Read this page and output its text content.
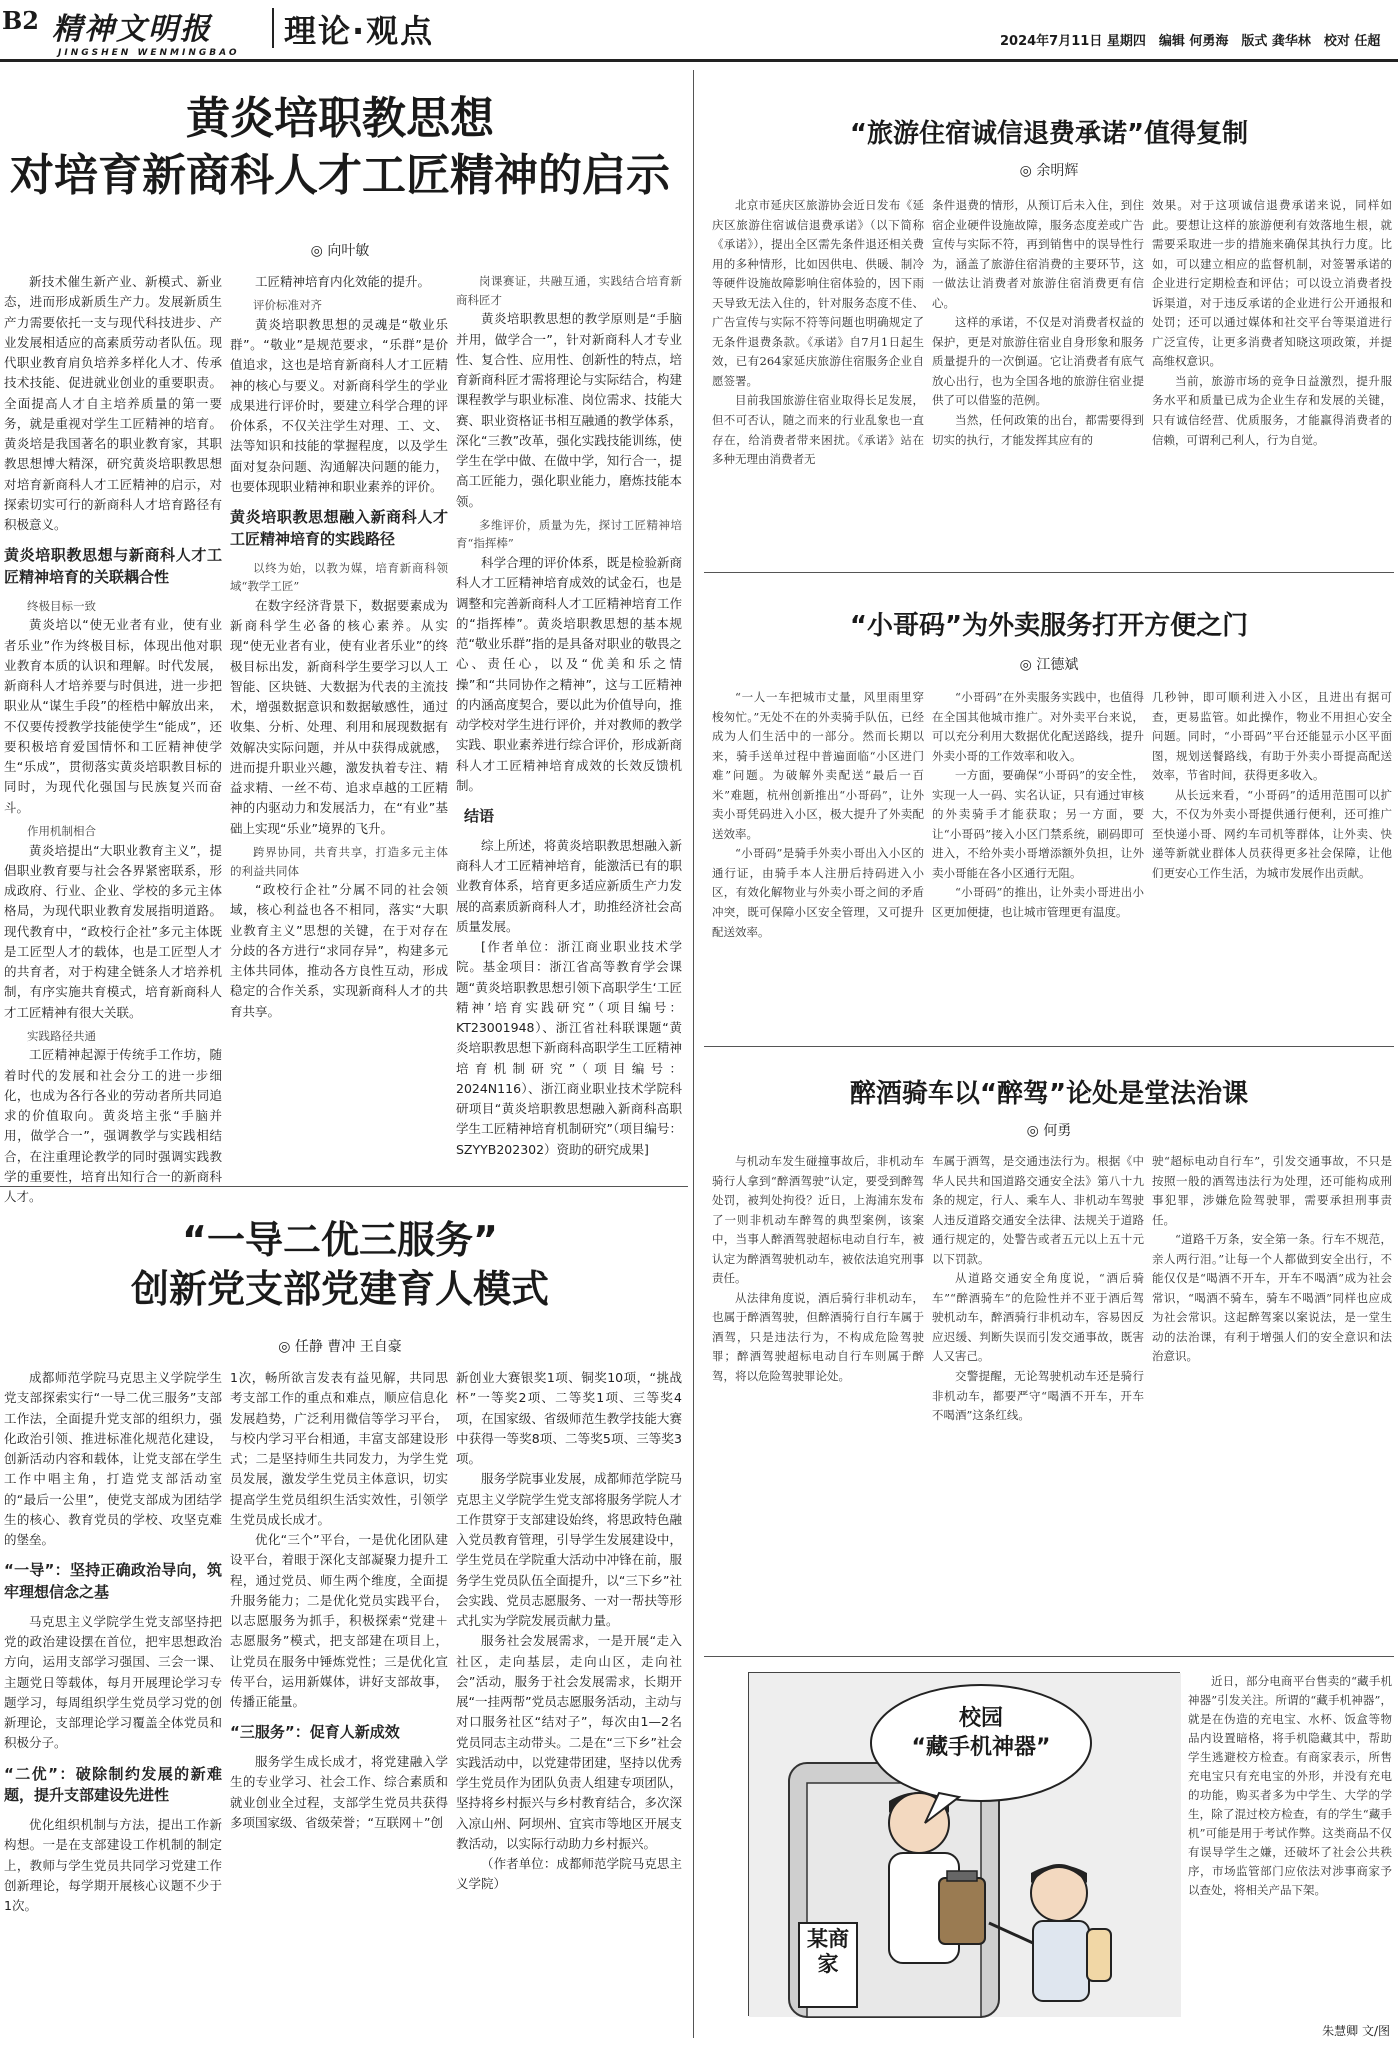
B2 精神文明报
JINGSHEN WENMINGBAO
理论·观点	2024年7月11日 星期四　编辑 何勇海　版式 龚华林　校对 任超
黄炎培职教思想
对培育新商科人才工匠精神的启示
◎ 向叶敏

新技术催生新产业、新模式、新业态，进而形成新质生产力。发展新质生产力需要依托一支与现代科技进步、产业发展相适应的高素质劳动者队伍。现代职业教育肩负培养多样化人才、传承技术技能、促进就业创业的重要职责。全面提高人才自主培养质量的第一要务，就是重视对学生工匠精神的培育。黄炎培是我国著名的职业教育家，其职教思想博大精深，研究黄炎培职教思想对培育新商科人才工匠精神的启示，对探索切实可行的新商科人才培育路径有积极意义。

黄炎培职教思想与新商科人才工匠精神培育的关联耦合性
终极目标一致

黄炎培以“使无业者有业，使有业者乐业”作为终极目标，体现出他对职业教育本质的认识和理解。时代发展，新商科人才培养要与时俱进，进一步把职业从“谋生手段”的桎梏中解放出来，不仅要传授教学技能使学生“能成”，还要积极培育爱国情怀和工匠精神使学生“乐成”，贯彻落实黄炎培职教目标的同时，为现代化强国与民族复兴而奋斗。

作用机制相合

黄炎培提出“大职业教育主义”，提倡职业教育要与社会各界紧密联系，形成政府、行业、企业、学校的多元主体格局，为现代职业教育发展指明道路。现代教育中，“政校行企社”多元主体既是工匠型人才的载体，也是工匠型人才的共育者，对于构建全链条人才培养机制，有序实施共育模式，培育新商科人才工匠精神有很大关联。

实践路径共通

工匠精神起源于传统手工作坊，随着时代的发展和社会分工的进一步细化，也成为各行各业的劳动者所共同追求的价值取向。黄炎培主张“手脑并用，做学合一”，强调教学与实践相结合，在注重理论教学的同时强调实践教学的重要性，培育出知行合一的新商科人才。

工匠精神培育内化效能的提升。

评价标准对齐

黄炎培职教思想的灵魂是“敬业乐群”。“敬业”是规范要求，“乐群”是价值追求，这也是培育新商科人才工匠精神的核心与要义。对新商科学生的学业成果进行评价时，要建立科学合理的评价体系，不仅关注学生对理、工、文、法等知识和技能的掌握程度，以及学生面对复杂问题、沟通解决问题的能力，也要体现职业精神和职业素养的评价。

黄炎培职教思想融入新商科人才工匠精神培育的实践路径
以终为始，以教为媒，培育新商科领域“教学工匠”

在数字经济背景下，数据要素成为新商科学生必备的核心素养。从实现“使无业者有业，使有业者乐业”的终极目标出发，新商科学生要学习以人工智能、区块链、大数据为代表的主流技术，增强数据意识和数据敏感性，通过收集、分析、处理、利用和展现数据有效解决实际问题，并从中获得成就感，进而提升职业兴趣，激发执着专注、精益求精、一丝不苟、追求卓越的工匠精神的内驱动力和发展活力，在“有业”基础上实现“乐业”境界的飞升。

跨界协同，共育共享，打造多元主体的利益共同体

“政校行企社”分属不同的社会领域，核心利益也各不相同，落实“大职业教育主义”思想的关键，在于对存在分歧的各方进行“求同存异”，构建多元主体共同体，推动各方良性互动，形成稳定的合作关系，实现新商科人才的共育共享。

岗课赛证，共融互通，实践结合培育新商科匠才

黄炎培职教思想的教学原则是“手脑并用，做学合一”，针对新商科人才专业性、复合性、应用性、创新性的特点，培育新商科匠才需将理论与实际结合，构建课程教学与职业标准、岗位需求、技能大赛、职业资格证书相互融通的教学体系，深化“三教”改革，强化实践技能训练，使学生在学中做、在做中学，知行合一，提高工匠能力，强化职业能力，磨炼技能本领。

多维评价，质量为先，探讨工匠精神培育“指挥棒”

科学合理的评价体系，既是检验新商科人才工匠精神培育成效的试金石，也是调整和完善新商科人才工匠精神培育工作的“指挥棒”。黄炎培职教思想的基本规范“敬业乐群”指的是具备对职业的敬畏之心、责任心，以及“优美和乐之情操”和“共同协作之精神”，这与工匠精神的内涵高度契合，要以此为价值导向，推动学校对学生进行评价，并对教师的教学实践、职业素养进行综合评价，形成新商科人才工匠精神培育成效的长效反馈机制。

结语

综上所述，将黄炎培职教思想融入新商科人才工匠精神培育，能激活已有的职业教育体系，培育更多适应新质生产力发展的高素质新商科人才，助推经济社会高质量发展。

[作者单位：浙江商业职业技术学院。基金项目：浙江省高等教育学会课题“黄炎培职教思想引领下高职学生‘工匠精神’培育实践研究”（项目编号：KT23001948）、浙江省社科联课题“黄炎培职教思想下新商科高职学生工匠精神培育机制研究”（项目编号：2024N116）、浙江商业职业技术学院科研项目“黄炎培职教思想融入新商科高职学生工匠精神培育机制研究”（项目编号：SZYYB202302）资助的研究成果]

“一导二优三服务”
创新党支部党建育人模式
◎ 任静 曹冲 王自豪

成都师范学院马克思主义学院学生党支部探索实行“一导二优三服务”支部工作法，全面提升党支部的组织力，强化政治引领、推进标准化规范化建设，创新活动内容和载体，让党支部在学生工作中唱主角，打造党支部活动室的“最后一公里”，使党支部成为团结学生的核心、教育党员的学校、攻坚克难的堡垒。

“一导”：坚持正确政治导向，筑牢理想信念之基

马克思主义学院学生党支部坚持把党的政治建设摆在首位，把牢思想政治方向，运用支部学习强国、三会一课、主题党日等载体，每月开展理论学习专题学习，每周组织学生党员学习党的创新理论，支部理论学习覆盖全体党员和积极分子。

“二优”：破除制约发展的新难题，提升支部建设先进性

优化组织机制与方法，提出工作新构想。一是在支部建设工作机制的制定上，教师与学生党员共同学习党建工作创新理论，每学期开展核心议题不少于1次。

1次，畅所欲言发表有益见解，共同思考支部工作的重点和难点，顺应信息化发展趋势，广泛利用微信等学习平台，与校内学习平台相通，丰富支部建设形式；二是坚持师生共同发力，为学生党员发展，激发学生党员主体意识，切实提高学生党员组织生活实效性，引领学生党员成长成才。

优化“三个”平台，一是优化团队建设平台，着眼于深化支部凝聚力提升工程，通过党员、师生两个维度，全面提升服务能力；二是优化党员实践平台，以志愿服务为抓手，积极探索“党建＋志愿服务”模式，把支部建在项目上，让党员在服务中锤炼党性；三是优化宣传平台，运用新媒体，讲好支部故事，传播正能量。

“三服务”：促育人新成效

服务学生成长成才，将党建融入学生的专业学习、社会工作、综合素质和就业创业全过程，支部学生党员共获得多项国家级、省级荣誉；“互联网＋”创

新创业大赛银奖1项、铜奖10项，“挑战杯”一等奖2项、二等奖1项、三等奖4项，在国家级、省级师范生教学技能大赛中获得一等奖8项、二等奖5项、三等奖3项。

服务学院事业发展，成都师范学院马克思主义学院学生党支部将服务学院人才工作贯穿于支部建设始终，将思政特色融入党员教育管理，引导学生发展建设中，学生党员在学院重大活动中冲锋在前，服务学生党员队伍全面提升，以“三下乡”社会实践、党员志愿服务、一对一帮扶等形式扎实为学院发展贡献力量。

服务社会发展需求，一是开展“走入社区，走向基层，走向山区，走向社会”活动，服务于社会发展需求，长期开展“一挂两帮”党员志愿服务活动，主动与对口服务社区“结对子”，每次由1—2名党员同志主动带头。二是在“三下乡”社会实践活动中，以党建带团建，坚持以优秀学生党员作为团队负责人组建专项团队，坚持将乡村振兴与乡村教育结合，多次深入凉山州、阿坝州、宜宾市等地区开展支教活动，以实际行动助力乡村振兴。

（作者单位：成都师范学院马克思主义学院）

“旅游住宿诚信退费承诺”值得复制
◎ 余明辉

北京市延庆区旅游协会近日发布《延庆区旅游住宿诚信退费承诺》（以下简称《承诺》），提出全区需先条件退还相关费用的多种情形，比如因供电、供暖、制冷等硬件设施故障影响住宿体验的，因下雨天导致无法入住的，针对服务态度不佳、广告宣传与实际不符等问题也明确规定了无条件退费条款。《承诺》自7月1日起生效，已有264家延庆旅游住宿服务企业自愿签署。

目前我国旅游住宿业取得长足发展，但不可否认，随之而来的行业乱象也一直存在，给消费者带来困扰。《承诺》站在多种无理由消费者无

条件退费的情形，从预订后未入住，到住宿企业硬件设施故障，服务态度差或广告宣传与实际不符，再到销售中的误导性行为，涵盖了旅游住宿消费的主要环节，这一做法让消费者对旅游住宿消费更有信心。

这样的承诺，不仅是对消费者权益的保护，更是对旅游住宿业自身形象和服务质量提升的一次倒逼。它让消费者有底气放心出行，也为全国各地的旅游住宿业提供了可以借鉴的范例。

当然，任何政策的出台，都需要得到切实的执行，才能发挥其应有的

效果。对于这项诚信退费承诺来说，同样如此。要想让这样的旅游便利有效落地生根，就需要采取进一步的措施来确保其执行力度。比如，可以建立相应的监督机制，对签署承诺的企业进行定期检查和评估；可以设立消费者投诉渠道，对于违反承诺的企业进行公开通报和处罚；还可以通过媒体和社交平台等渠道进行广泛宣传，让更多消费者知晓这项政策，并提高维权意识。

当前，旅游市场的竞争日益激烈，提升服务水平和质量已成为企业生存和发展的关键，只有诚信经营、优质服务，才能赢得消费者的信赖，可谓利己利人，行为自觉。

“小哥码”为外卖服务打开方便之门
◎ 江德斌

“一人一车把城市丈量，风里雨里穿梭匆忙。”无处不在的外卖骑手队伍，已经成为人们生活中的一部分。然而长期以来，骑手送单过程中普遍面临“小区进门难”问题。为破解外卖配送“最后一百米”难题，杭州创新推出“小哥码”，让外卖小哥凭码进入小区，极大提升了外卖配送效率。

“小哥码”是骑手外卖小哥出入小区的通行证，由骑手本人注册后持码进入小区，有效化解物业与外卖小哥之间的矛盾冲突，既可保障小区安全管理，又可提升配送效率。

“小哥码”在外卖服务实践中，也值得在全国其他城市推广。对外卖平台来说，可以充分利用大数据优化配送路线，提升外卖小哥的工作效率和收入。

一方面，要确保“小哥码”的安全性，实现一人一码、实名认证，只有通过审核的外卖骑手才能获取；另一方面，要让“小哥码”接入小区门禁系统，刷码即可进入，不给外卖小哥增添额外负担，让外卖小哥能在各小区通行无阻。

“小哥码”的推出，让外卖小哥进出小区更加便捷，也让城市管理更有温度。

几秒钟，即可顺利进入小区，且进出有据可查，更易监管。如此操作，物业不用担心安全问题。同时，“小哥码”平台还能显示小区平面图，规划送餐路线，有助于外卖小哥提高配送效率，节省时间，获得更多收入。

从长远来看，“小哥码”的适用范围可以扩大，不仅为外卖小哥提供通行便利，还可推广至快递小哥、网约车司机等群体，让外卖、快递等新就业群体人员获得更多社会保障，让他们更安心工作生活，为城市发展作出贡献。

醉酒骑车以“醉驾”论处是堂法治课
◎ 何勇

与机动车发生碰撞事故后，非机动车骑行人拿到“醉酒驾驶”认定，要受到醉驾处罚，被判处拘役？近日，上海浦东发布了一则非机动车醉驾的典型案例，该案中，当事人醉酒驾驶超标电动自行车，被认定为醉酒驾驶机动车，被依法追究刑事责任。

从法律角度说，酒后骑行非机动车，也属于醉酒驾驶，但醉酒骑行自行车属于酒驾，只是违法行为，不构成危险驾驶罪；醉酒驾驶超标电动自行车则属于醉驾，将以危险驾驶罪论处。

车属于酒驾，是交通违法行为。根据《中华人民共和国道路交通安全法》第八十九条的规定，行人、乘车人、非机动车驾驶人违反道路交通安全法律、法规关于道路通行规定的，处警告或者五元以上五十元以下罚款。

从道路交通安全角度说，“酒后骑车”“醉酒骑车”的危险性并不亚于酒后驾驶机动车，醉酒骑行非机动车，容易因反应迟缓、判断失误而引发交通事故，既害人又害己。

交警提醒，无论驾驶机动车还是骑行非机动车，都要严守“喝酒不开车，开车不喝酒”这条红线。

驶“超标电动自行车”，引发交通事故，不只是按照一般的酒驾违法行为处理，还可能构成刑事犯罪，涉嫌危险驾驶罪，需要承担刑事责任。

“道路千万条，安全第一条。行车不规范，亲人两行泪。”让每一个人都做到安全出行，不能仅仅是“喝酒不开车，开车不喝酒”成为社会常识，“喝酒不骑车，骑车不喝酒”同样也应成为社会常识。这起醉驾案以案说法，是一堂生动的法治课，有利于增强人们的安全意识和法治意识。

校园
“藏手机神器”
某商家
近日，部分电商平台售卖的“藏手机神器”引发关注。所谓的“藏手机神器”，就是在伪造的充电宝、水杯、饭盒等物品内设置暗格，将手机隐藏其中，帮助学生逃避校方检查。有商家表示，所售充电宝只有充电宝的外形，并没有充电的功能，购买者多为中学生、大学的学生，除了混过校方检查，有的学生“藏手机”可能是用于考试作弊。这类商品不仅有误导学生之嫌，还破坏了社会公共秩序，市场监管部门应依法对涉事商家予以查处，将相关产品下架。
朱慧卿 文/图
